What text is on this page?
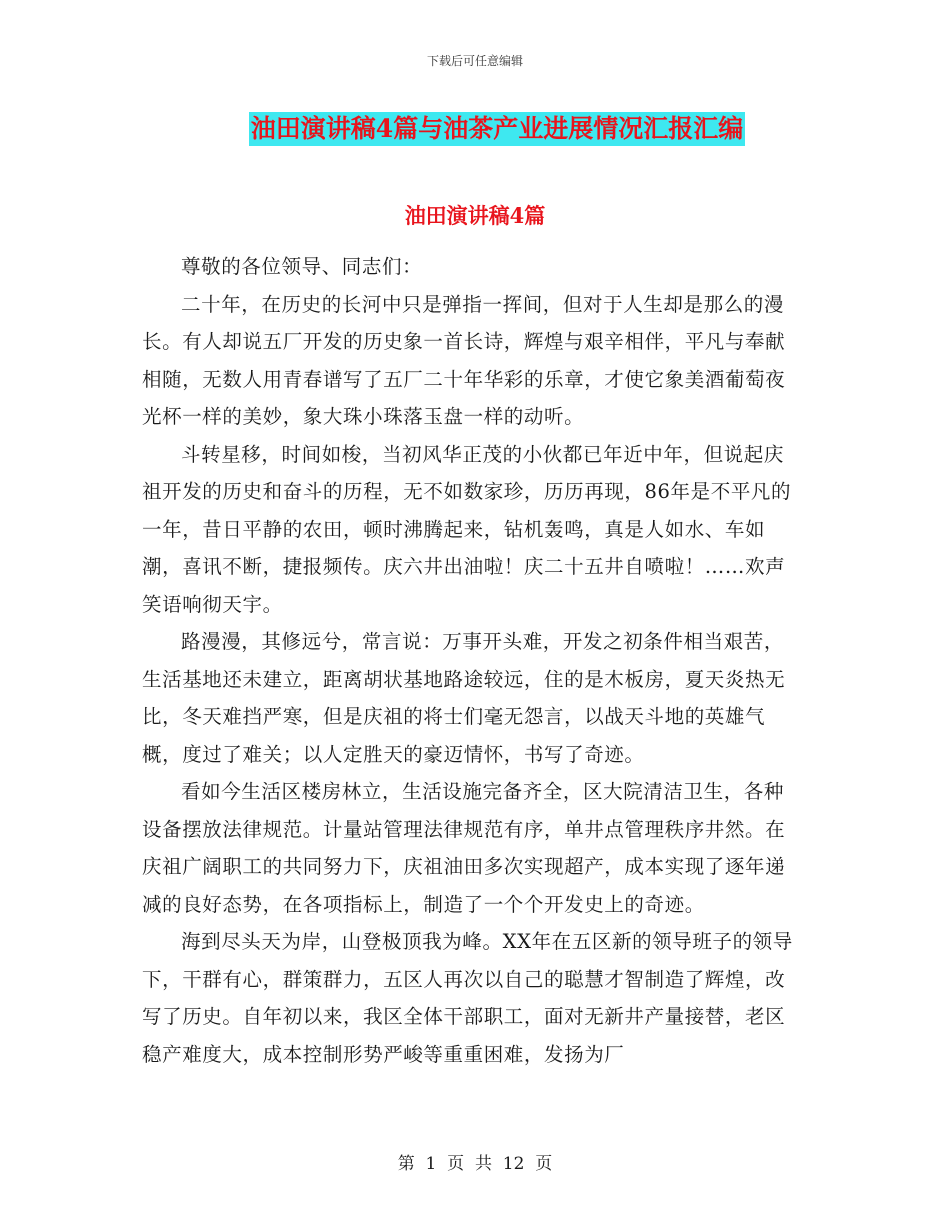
下载后可任意编辑
油田演讲稿4篇与油茶产业进展情况汇报汇编
油田演讲稿4篇

尊敬的各位领导、同志们：

二十年，在历史的长河中只是弹指一挥间，但对于人生却是那么的漫长。有人却说五厂开发的历史象一首长诗，辉煌与艰辛相伴，平凡与奉献相随，无数人用青春谱写了五厂二十年华彩的乐章，才使它象美酒葡萄夜光杯一样的美妙，象大珠小珠落玉盘一样的动听。

斗转星移，时间如梭，当初风华正茂的小伙都已年近中年，但说起庆祖开发的历史和奋斗的历程，无不如数家珍，历历再现，86年是不平凡的一年，昔日平静的农田，顿时沸腾起来，钻机轰鸣，真是人如水、车如潮，喜讯不断，捷报频传。庆六井出油啦！庆二十五井自喷啦！……欢声笑语响彻天宇。

路漫漫，其修远兮，常言说：万事开头难，开发之初条件相当艰苦，生活基地还未建立，距离胡状基地路途较远，住的是木板房，夏天炎热无比，冬天难挡严寒，但是庆祖的将士们毫无怨言，以战天斗地的英雄气概，度过了难关；以人定胜天的豪迈情怀，书写了奇迹。

看如今生活区楼房林立，生活设施完备齐全，区大院清洁卫生，各种设备摆放法律规范。计量站管理法律规范有序，单井点管理秩序井然。在庆祖广阔职工的共同努力下，庆祖油田多次实现超产，成本实现了逐年递减的良好态势，在各项指标上，制造了一个个开发史上的奇迹。

海到尽头天为岸，山登极顶我为峰。XX年在五区新的领导班子的领导下，干群有心，群策群力，五区人再次以自己的聪慧才智制造了辉煌，改写了历史。自年初以来，我区全体干部职工，面对无新井产量接替，老区稳产难度大，成本控制形势严峻等重重困难，发扬为厂

第  1  页  共  12  页
